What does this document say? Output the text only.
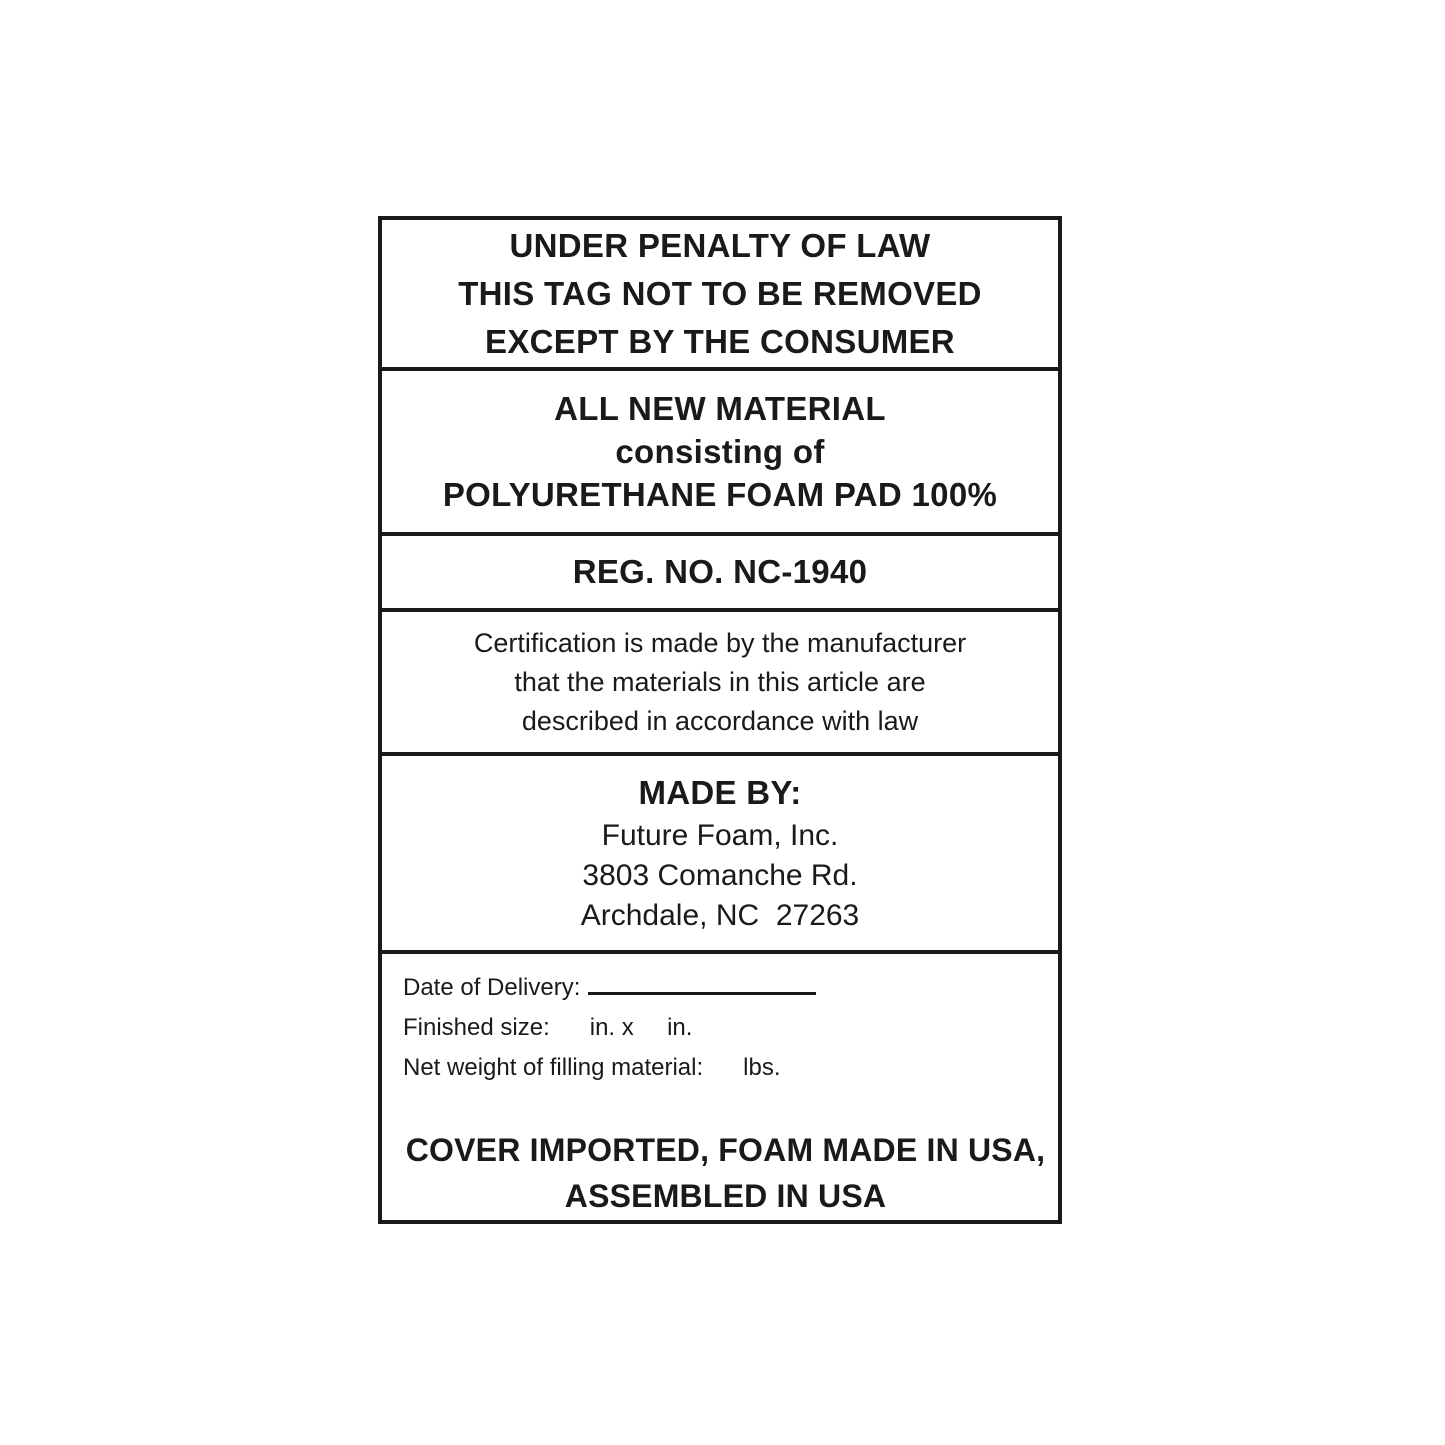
UNDER PENALTY OF LAW
THIS TAG NOT TO BE REMOVED
EXCEPT BY THE CONSUMER
ALL NEW MATERIAL
consisting of
POLYURETHANE FOAM PAD 100%
REG. NO. NC-1940
Certification is made by the manufacturer
that the materials in this article are
described in accordance with law
MADE BY:
Future Foam, Inc.
3803 Comanche Rd.
Archdale, NC  27263
Date of Delivery:
Finished size:      in. x     in.
Net weight of filling material:      lbs.
COVER IMPORTED, FOAM MADE IN USA,
ASSEMBLED IN USA
